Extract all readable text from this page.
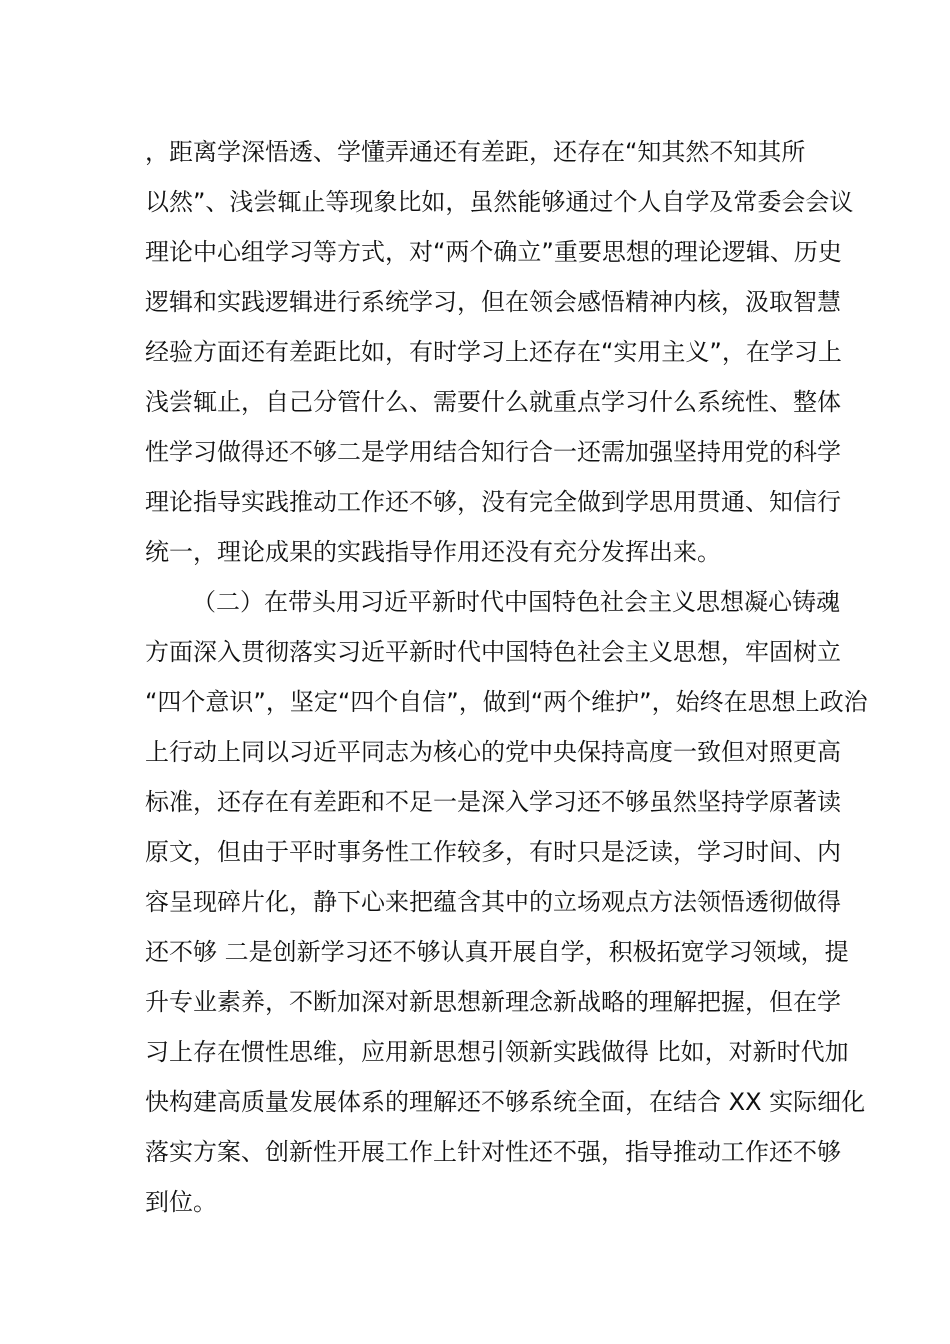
，距离学深悟透、学懂弄通还有差距，还存在“知其然不知其所

以然”、浅尝辄止等现象比如，虽然能够通过个人自学及常委会会议

理论中心组学习等方式，对“两个确立”重要思想的理论逻辑、历史

逻辑和实践逻辑进行系统学习，但在领会感悟精神内核，汲取智慧

经验方面还有差距比如，有时学习上还存在“实用主义”，在学习上

浅尝辄止，自己分管什么、需要什么就重点学习什么系统性、整体

性学习做得还不够二是学用结合知行合一还需加强坚持用党的科学

理论指导实践推动工作还不够，没有完全做到学思用贯通、知信行

统一，理论成果的实践指导作用还没有充分发挥出来。

（二）在带头用习近平新时代中国特色社会主义思想凝心铸魂

方面深入贯彻落实习近平新时代中国特色社会主义思想，牢固树立

“四个意识”，坚定“四个自信”，做到“两个维护”，始终在思想上政治

上行动上同以习近平同志为核心的党中央保持高度一致但对照更高

标准，还存在有差距和不足一是深入学习还不够虽然坚持学原著读

原文，但由于平时事务性工作较多，有时只是泛读，学习时间、内

容呈现碎片化，静下心来把蕴含其中的立场观点方法领悟透彻做得

还不够 二是创新学习还不够认真开展自学，积极拓宽学习领域，提

升专业素养，不断加深对新思想新理念新战略的理解把握，但在学

习上存在惯性思维，应用新思想引领新实践做得 比如，对新时代加

快构建高质量发展体系的理解还不够系统全面，在结合 XX 实际细化

落实方案、创新性开展工作上针对性还不强，指导推动工作还不够

到位。
